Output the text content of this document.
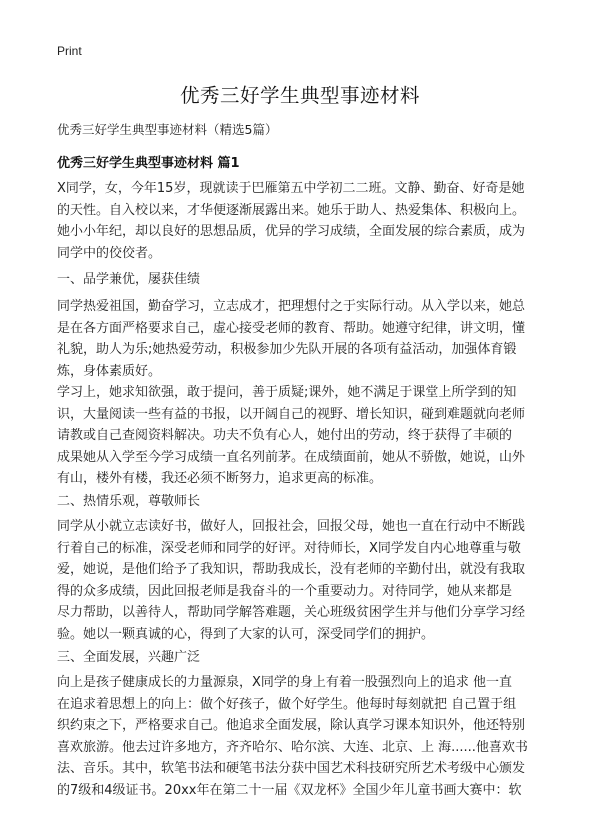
Print
优秀三好学生典型事迹材料
优秀三好学生典型事迹材料（精选5篇）
优秀三好学生典型事迹材料 篇1
X同学，女，今年15岁，现就读于巴雁第五中学初二二班。文静、勤奋、好奇是她
的天性。自入校以来，才华便逐渐展露出来。她乐于助人、热爱集体、积极向上。
她小小年纪，却以良好的思想品质，优异的学习成绩，全面发展的综合素质，成为
同学中的佼佼者。
一、品学兼优，屡获佳绩
同学热爱祖国，勤奋学习，立志成才，把理想付之于实际行动。从入学以来，她总
是在各方面严格要求自己，虚心接受老师的教育、帮助。她遵守纪律，讲文明，懂
礼貌，助人为乐;她热爱劳动，积极参加少先队开展的各项有益活动，加强体育锻
炼，身体素质好。
学习上，她求知欲强，敢于提问，善于质疑;课外，她不满足于课堂上所学到的知
识，大量阅读一些有益的书报，以开阔自己的视野、增长知识，碰到难题就向老师
请教或自己查阅资料解决。功夫不负有心人，她付出的劳动，终于获得了丰硕的
成果她从入学至今学习成绩一直名列前茅。在成绩面前，她从不骄傲，她说，山外
有山，楼外有楼，我还必须不断努力，追求更高的标准。
二、热情乐观，尊敬师长
同学从小就立志读好书，做好人，回报社会，回报父母，她也一直在行动中不断践
行着自己的标准，深受老师和同学的好评。对待师长，X同学发自内心地尊重与敬
爱，她说，是他们给予了我知识，帮助我成长，没有老师的辛勤付出，就没有我取
得的众多成绩，因此回报老师是我奋斗的一个重要动力。对待同学，她从来都是
尽力帮助，以善待人，帮助同学解答难题，关心班级贫困学生并与他们分享学习经
验。她以一颗真诚的心，得到了大家的认可，深受同学们的拥护。
三、全面发展，兴趣广泛
向上是孩子健康成长的力量源泉，X同学的身上有着一股强烈向上的追求 他一直
在追求着思想上的向上：做个好孩子，做个好学生。他每时每刻就把 自己置于组
织约束之下，严格要求自己。他追求全面发展，除认真学习课本知识外，他还特别
喜欢旅游。他去过许多地方，齐齐哈尔、哈尔滨、大连、北京、上 海......他喜欢书
法、音乐。其中，软笔书法和硬笔书法分获中国艺术科技研究所艺术考级中心颁发
的7级和4级证书。20xx年在第二十一届《双龙杯》全国少年儿童书画大赛中：软
